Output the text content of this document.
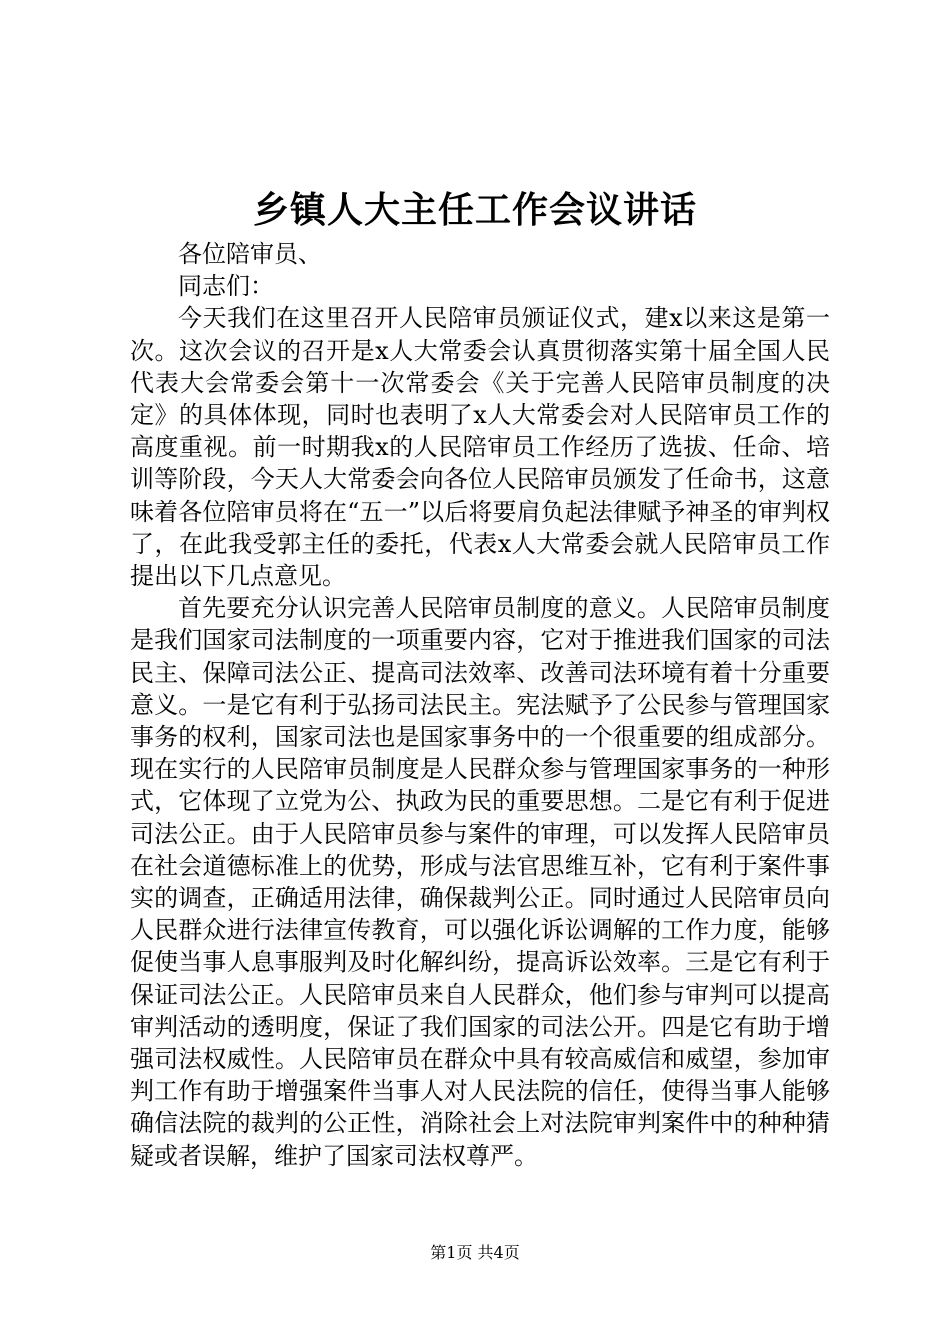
乡镇人大主任工作会议讲话

各位陪审员、

同志们：

今天我们在这里召开人民陪审员颁证仪式，建x以来这是第一次。这次会议的召开是x人大常委会认真贯彻落实第十届全国人民代表大会常委会第十一次常委会《关于完善人民陪审员制度的决定》的具体体现，同时也表明了x人大常委会对人民陪审员工作的高度重视。前一时期我x的人民陪审员工作经历了选拔、任命、培训等阶段，今天人大常委会向各位人民陪审员颁发了任命书，这意味着各位陪审员将在“五一”以后将要肩负起法律赋予神圣的审判权了，在此我受郭主任的委托，代表x人大常委会就人民陪审员工作提出以下几点意见。

首先要充分认识完善人民陪审员制度的意义。人民陪审员制度是我们国家司法制度的一项重要内容，它对于推进我们国家的司法民主、保障司法公正、提高司法效率、改善司法环境有着十分重要意义。一是它有利于弘扬司法民主。宪法赋予了公民参与管理国家事务的权利，国家司法也是国家事务中的一个很重要的组成部分。现在实行的人民陪审员制度是人民群众参与管理国家事务的一种形式，它体现了立党为公、执政为民的重要思想。二是它有利于促进司法公正。由于人民陪审员参与案件的审理，可以发挥人民陪审员在社会道德标准上的优势，形成与法官思维互补，它有利于案件事实的调查，正确适用法律，确保裁判公正。同时通过人民陪审员向人民群众进行法律宣传教育，可以强化诉讼调解的工作力度，能够促使当事人息事服判及时化解纠纷，提高诉讼效率。三是它有利于保证司法公正。人民陪审员来自人民群众，他们参与审判可以提高审判活动的透明度，保证了我们国家的司法公开。四是它有助于增强司法权威性。人民陪审员在群众中具有较高威信和威望，参加审判工作有助于增强案件当事人对人民法院的信任，使得当事人能够确信法院的裁判的公正性，消除社会上对法院审判案件中的种种猜疑或者误解，维护了国家司法权尊严。

第1页 共4页
